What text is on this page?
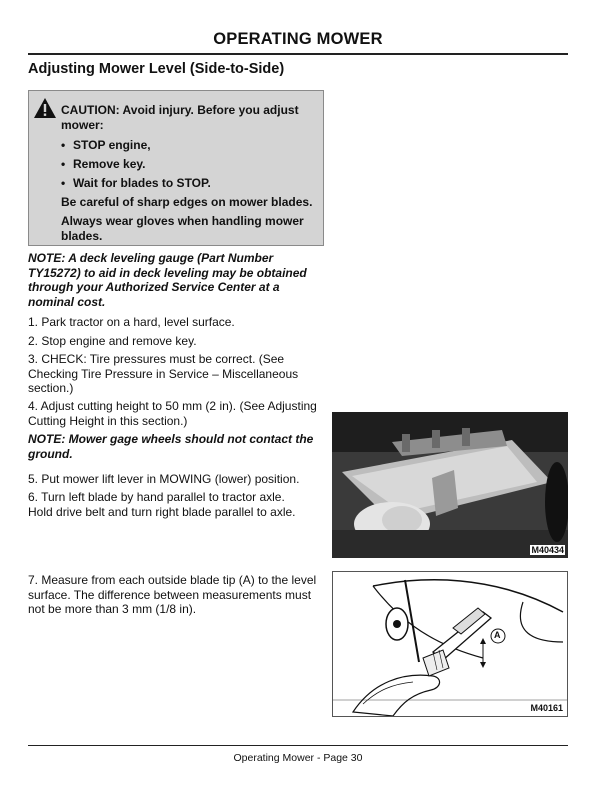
OPERATING MOWER
Adjusting Mower Level (Side-to-Side)

CAUTION: Avoid injury. Before you adjust mower:

• STOP engine,

• Remove key.

• Wait for blades to STOP.

Be careful of sharp edges on mower blades.

Always wear gloves when handling mower blades.

NOTE: A deck leveling gauge (Part Number TY15272) to aid in deck leveling may be obtained through your Authorized Service Center at a nominal cost.
1. Park tractor on a hard, level surface.
2. Stop engine and remove key.
3. CHECK: Tire pressures must be correct. (See Checking Tire Pressure in Service – Miscellaneous section.)
4. Adjust cutting height to 50 mm (2 in). (See Adjusting Cutting Height in this section.)
NOTE: Mower gage wheels should not contact the ground.
5. Put mower lift lever in MOWING (lower) position.
6. Turn left blade by hand parallel to tractor axle. Hold drive belt and turn right blade parallel to axle.
7. Measure from each outside blade tip (A) to the level surface. The difference between measurements must not be more than 3 mm (1/8 in).
M40434
A
M40161
Operating Mower - Page 30
